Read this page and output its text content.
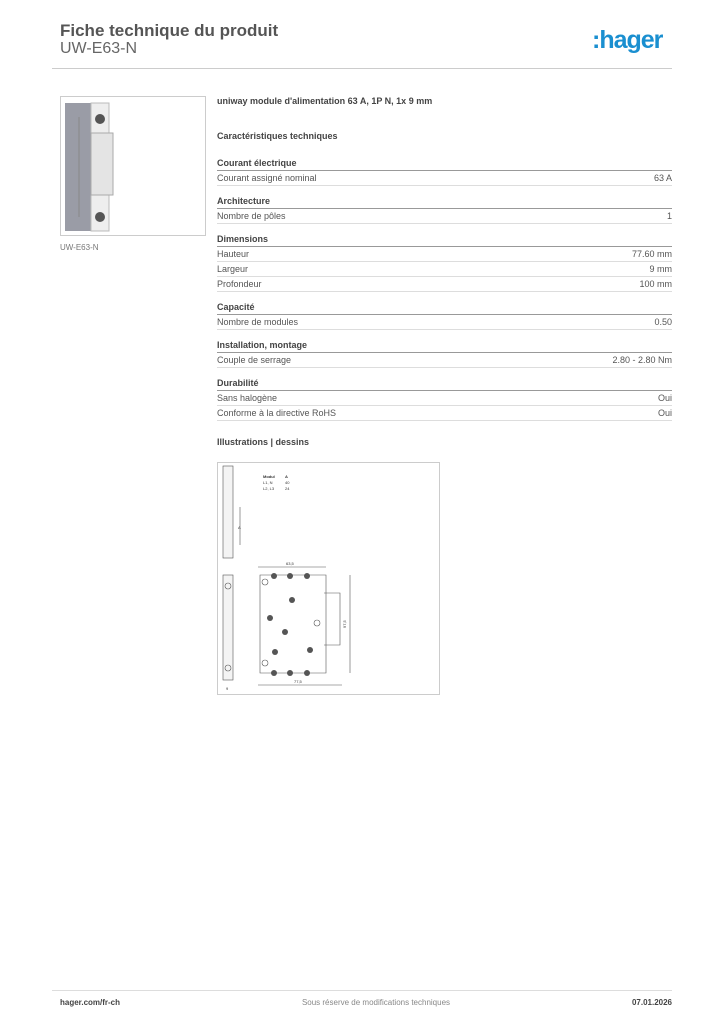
Fiche technique du produit
UW-E63-N	:hager
UW-E63-N
uniway module d'alimentation 63 A, 1P N, 1x 9 mm
Caractéristiques techniques
Courant électrique
Courant assigné nominal	63 A
Architecture
Nombre de pôles	1
Dimensions
Hauteur	77.60 mm
Largeur	9 mm
Profondeur	100 mm
Capacité
Nombre de modules	0.50
Installation, montage
Couple de serrage	2.80 - 2.80 Nm
Durabilité
Sans halogène	Oui
Conforme à la directive RoHS	Oui
Illustrations | dessins
A
Modul	A
L1, N	40
L2, L3	24
9
63,5
97,5
77,5
hager.com/fr-ch	Sous réserve de modifications techniques	07.01.2026
